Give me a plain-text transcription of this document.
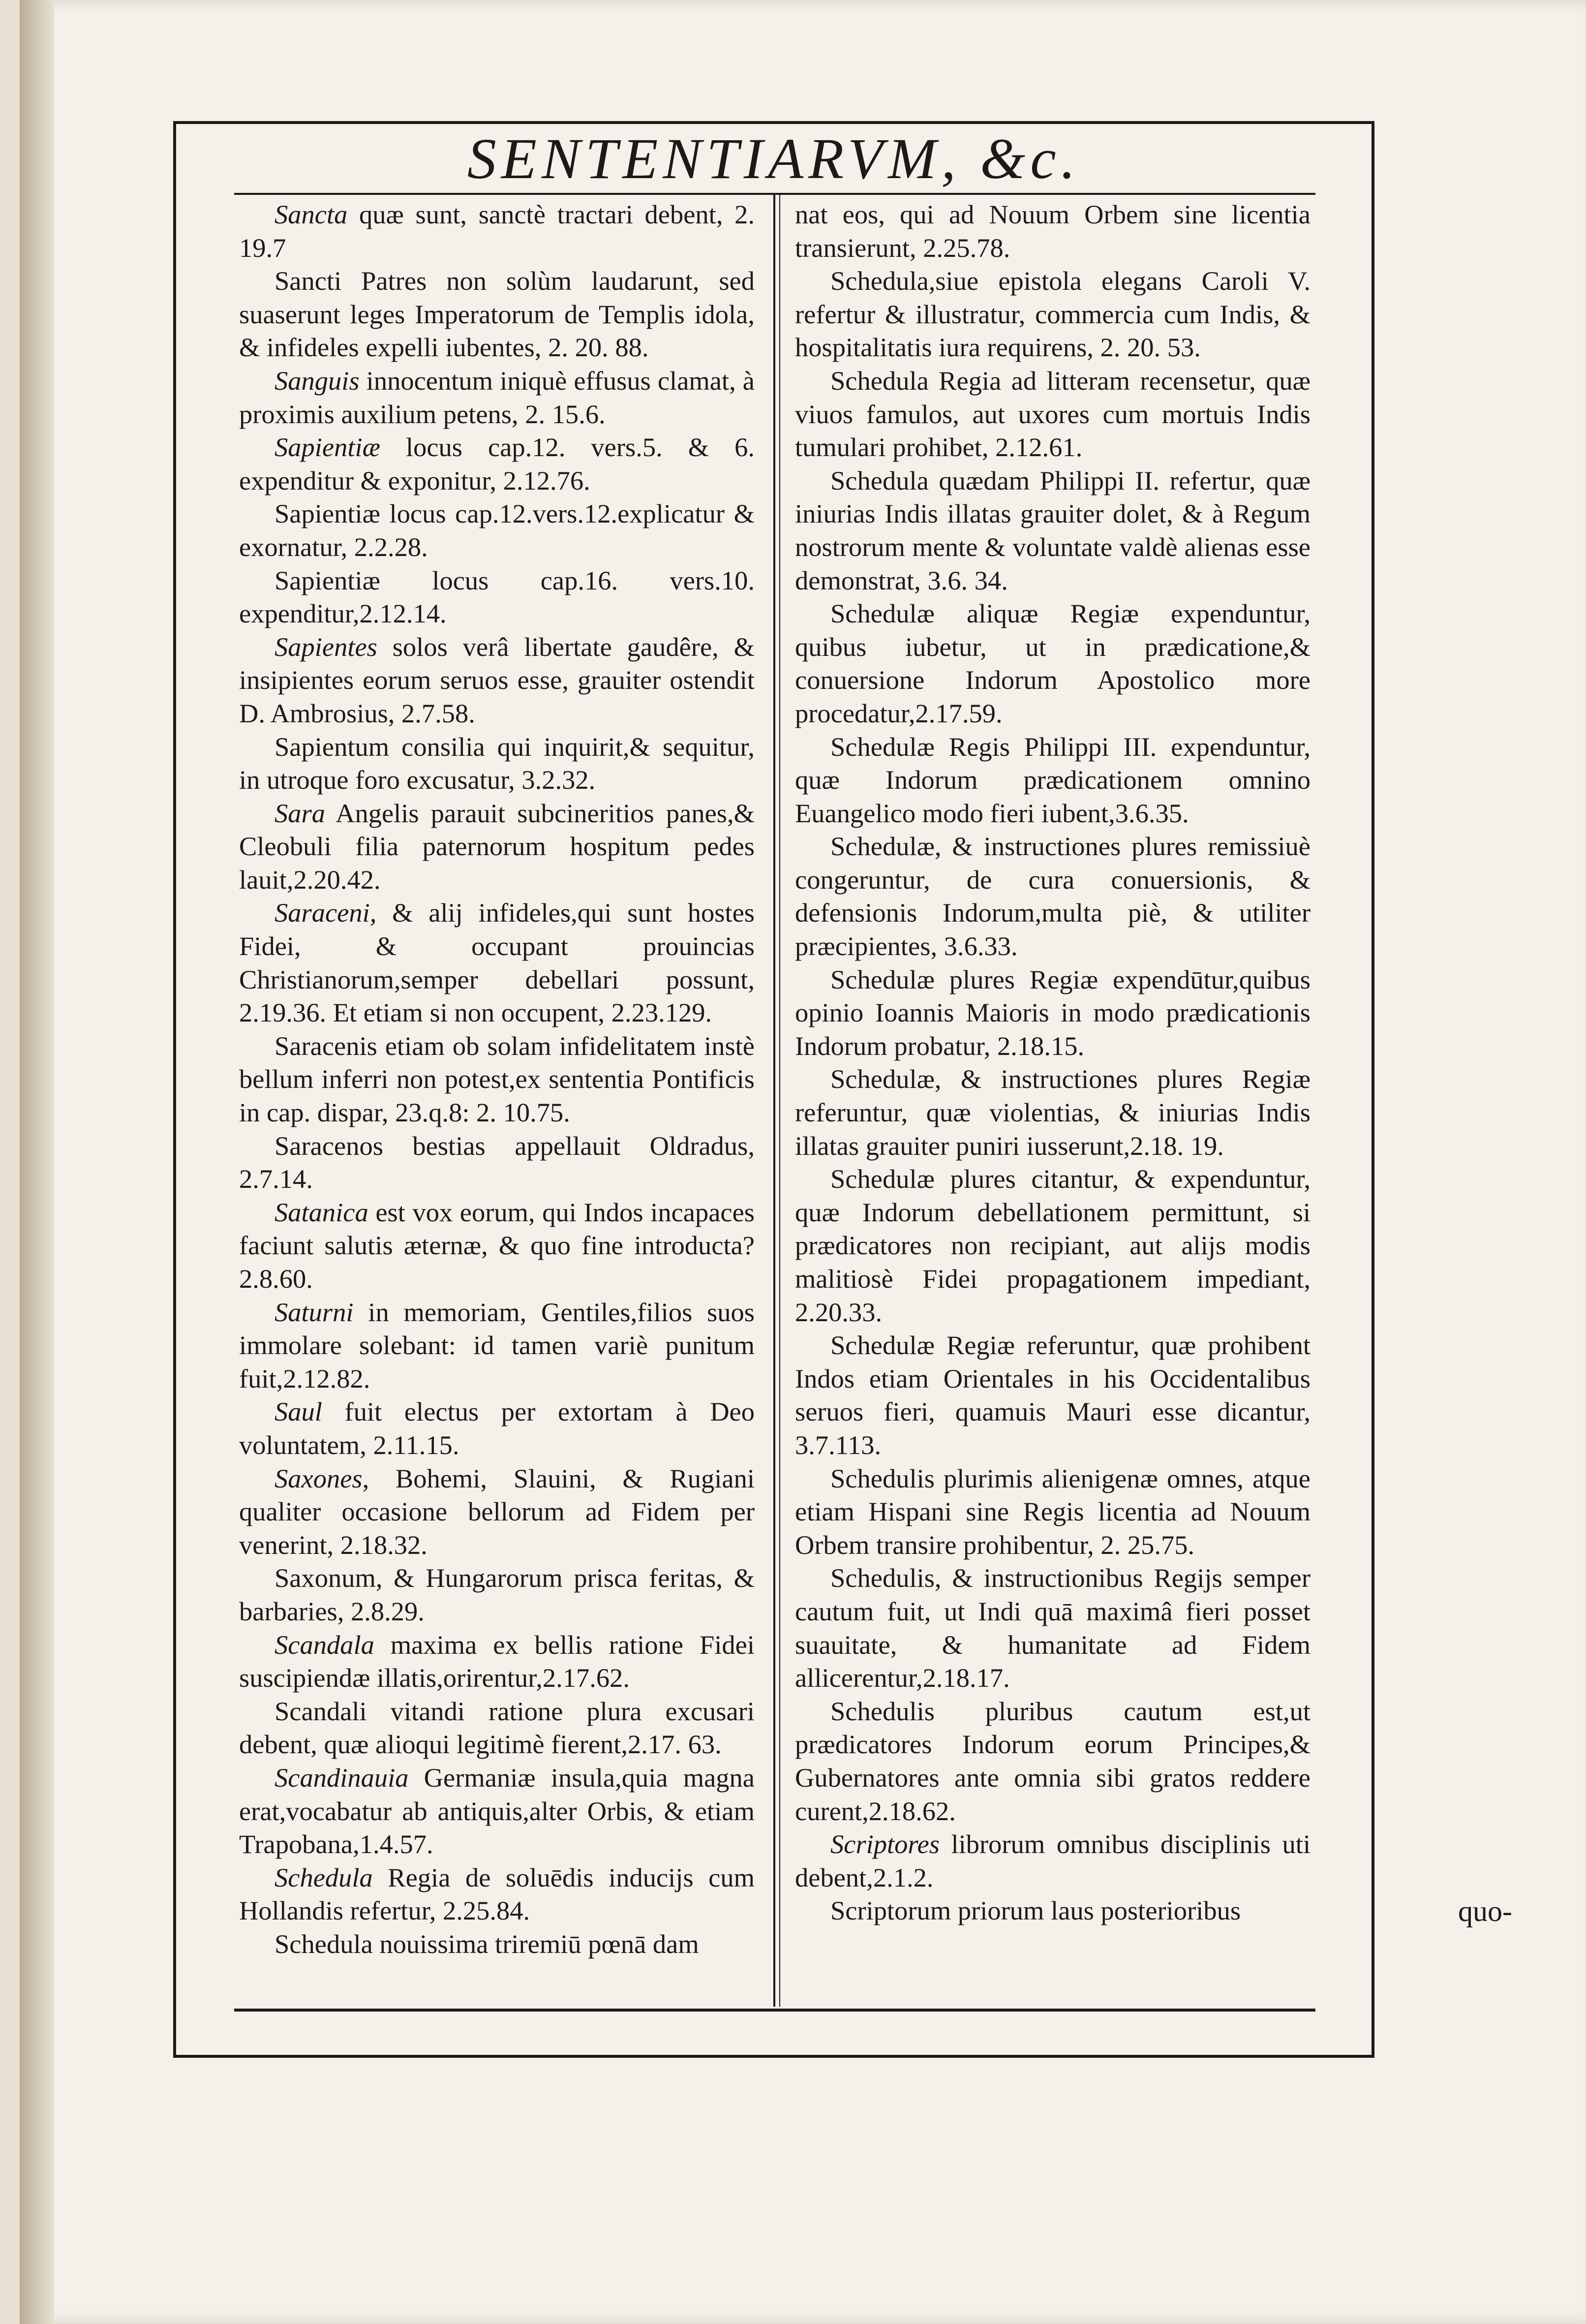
SENTENTIARVM, &c.

Sancta quæ sunt, sanctè tractari debent, 2. 19.7

Sancti Patres non solùm laudarunt, sed suaserunt leges Imperatorum de Templis idola, & infideles expelli iubentes, 2. 20. 88.

Sanguis innocentum iniquè effusus clamat, à proximis auxilium petens, 2. 15.6.

Sapientiæ locus cap.12. vers.5. & 6. expenditur & exponitur, 2.12.76.

Sapientiæ locus cap.12.vers.12.explicatur & exornatur, 2.2.28.

Sapientiæ locus cap.16. vers.10. expenditur,2.12.14.

Sapientes solos verâ libertate gaudêre, & insipientes eorum seruos esse, grauiter ostendit D. Ambrosius, 2.7.58.

Sapientum consilia qui inquirit,& sequitur, in utroque foro excusatur, 3.2.32.

Sara Angelis parauit subcineritios panes,& Cleobuli filia paternorum hospitum pedes lauit,2.20.42.

Saraceni, & alij infideles,qui sunt hostes Fidei, & occupant prouincias Christianorum,semper debellari possunt, 2.19.36. Et etiam si non occupent, 2.23.129.

Saracenis etiam ob solam infidelitatem instè bellum inferri non potest,ex sententia Pontificis in cap. dispar, 23.q.8: 2. 10.75.

Saracenos bestias appellauit Oldradus, 2.7.14.

Satanica est vox eorum, qui Indos incapaces faciunt salutis æternæ, & quo fine introducta? 2.8.60.

Saturni in memoriam, Gentiles,filios suos immolare solebant: id tamen variè punitum fuit,2.12.82.

Saul fuit electus per extortam à Deo voluntatem, 2.11.15.

Saxones, Bohemi, Slauini, & Rugiani qualiter occasione bellorum ad Fidem per venerint, 2.18.32.

Saxonum, & Hungarorum prisca feritas, & barbaries, 2.8.29.

Scandala maxima ex bellis ratione Fidei suscipiendæ illatis,orirentur,2.17.62.

Scandali vitandi ratione plura excusari debent, quæ alioqui legitimè fierent,2.17. 63.

Scandinauia Germaniæ insula,quia magna erat,vocabatur ab antiquis,alter Orbis, & etiam Trapobana,1.4.57.

Schedula Regia de soluēdis inducijs cum Hollandis refertur, 2.25.84.

Schedula nouissima triremiū pœnā dam

nat eos, qui ad Nouum Orbem sine licentia transierunt, 2.25.78.

Schedula,siue epistola elegans Caroli V. refertur & illustratur, commercia cum Indis, & hospitalitatis iura requirens, 2. 20. 53.

Schedula Regia ad litteram recensetur, quæ viuos famulos, aut uxores cum mortuis Indis tumulari prohibet, 2.12.61.

Schedula quædam Philippi II. refertur, quæ iniurias Indis illatas grauiter dolet, & à Regum nostrorum mente & voluntate valdè alienas esse demonstrat, 3.6. 34.

Schedulæ aliquæ Regiæ expenduntur, quibus iubetur, ut in prædicatione,& conuersione Indorum Apostolico more procedatur,2.17.59.

Schedulæ Regis Philippi III. expenduntur, quæ Indorum prædicationem omnino Euangelico modo fieri iubent,3.6.35.

Schedulæ, & instructiones plures remissiuè congeruntur, de cura conuersionis, & defensionis Indorum,multa piè, & utiliter præcipientes, 3.6.33.

Schedulæ plures Regiæ expendūtur,quibus opinio Ioannis Maioris in modo prædicationis Indorum probatur, 2.18.15.

Schedulæ, & instructiones plures Regiæ referuntur, quæ violentias, & iniurias Indis illatas grauiter puniri iusserunt,2.18. 19.

Schedulæ plures citantur, & expenduntur, quæ Indorum debellationem permittunt, si prædicatores non recipiant, aut alijs modis malitiosè Fidei propagationem impediant, 2.20.33.

Schedulæ Regiæ referuntur, quæ prohibent Indos etiam Orientales in his Occidentalibus seruos fieri, quamuis Mauri esse dicantur, 3.7.113.

Schedulis plurimis alienigenæ omnes, atque etiam Hispani sine Regis licentia ad Nouum Orbem transire prohibentur, 2. 25.75.

Schedulis, & instructionibus Regijs semper cautum fuit, ut Indi quā maximâ fieri posset suauitate, & humanitate ad Fidem allicerentur,2.18.17.

Schedulis pluribus cautum est,ut prædicatores Indorum eorum Principes,& Gubernatores ante omnia sibi gratos reddere curent,2.18.62.

Scriptores librorum omnibus disciplinis uti debent,2.1.2.

Scriptorum priorum laus posterioribus	quo-
